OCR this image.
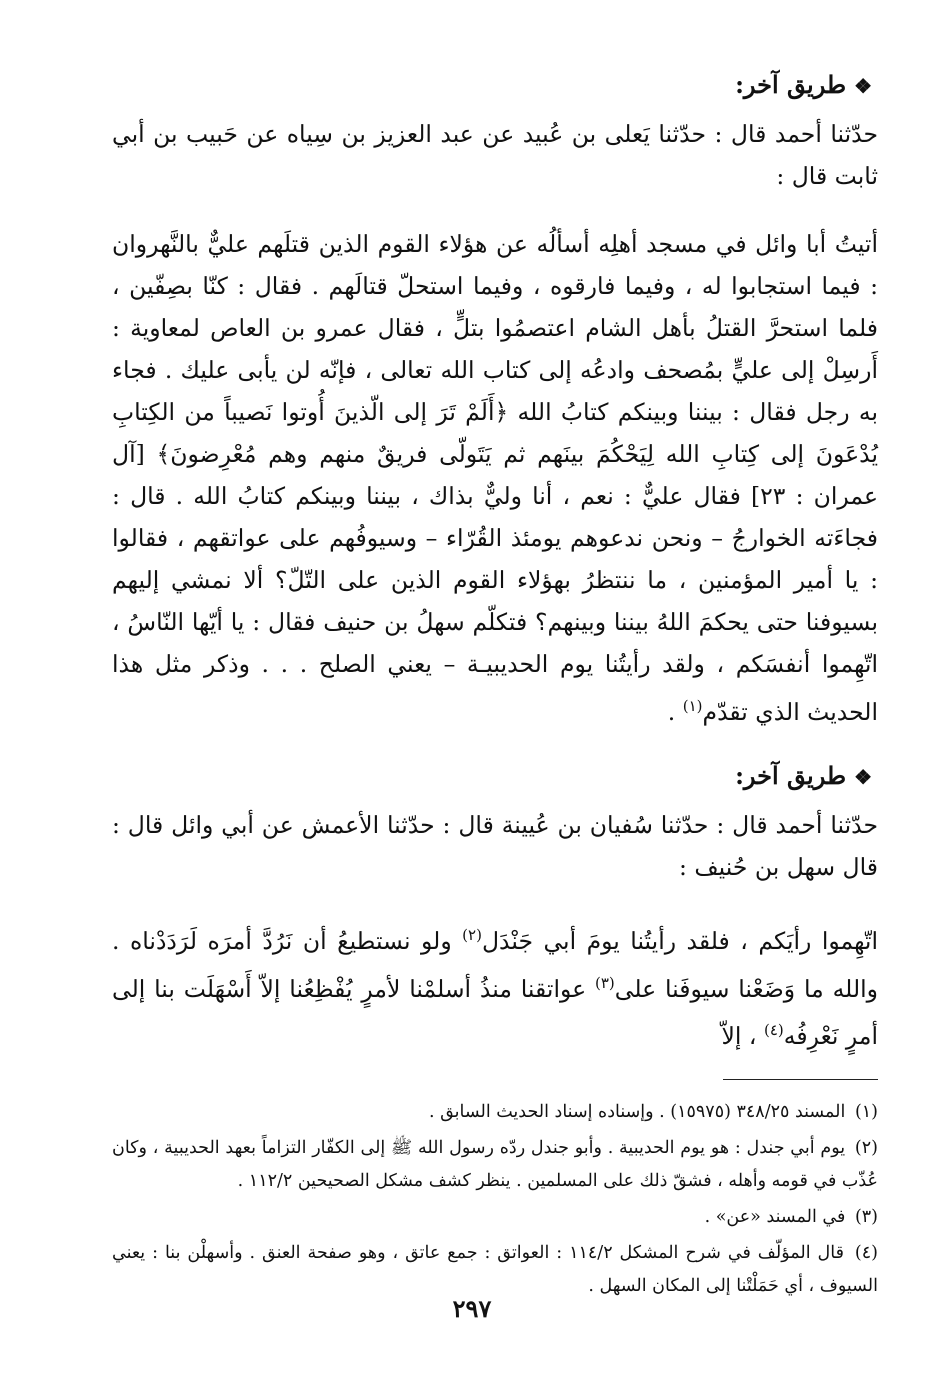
❖طريق آخر:

حدّثنا أحمد قال : حدّثنا يَعلى بن عُبيد عن عبد العزيز بن سِياه عن حَبيب بن أبي ثابت قال :

أتيتُ أبا وائل في مسجد أهلِه أسألُه عن هؤلاء القوم الذين قتلَهم عليٌّ بالنَّهروان : فيما استجابوا له ، وفيما فارقوه ، وفيما استحلّ قتالَهم . فقال : كنّا بصِفّين ، فلما استحرَّ القتلُ بأهل الشام اعتصمُوا بتلٍّ ، فقال عمرو بن العاص لمعاوية : أَرسِلْ إلى عليٍّ بمُصحف وادعُه إلى كتاب الله تعالى ، فإنّه لن يأبى عليك . فجاء به رجل فقال : بيننا وبينكم كتابُ الله ﴿أَلَمْ تَرَ إلى الّذينَ أُوتوا نَصيباً من الكِتابِ يُدْعَونَ إلى كِتابِ الله لِيَحْكُمَ بينَهم ثم يَتَولّى فريقٌ منهم وهم مُعْرِضونَ﴾ [آل عمران : ٢٣] فقال عليٌّ : نعم ، أنا وليٌّ بذاك ، بيننا وبينكم كتابُ الله . قال : فجاءَته الخوارجُ – ونحن ندعوهم يومئذ القُرّاء – وسيوفُهم على عواتقهم ، فقالوا : يا أمير المؤمنين ، ما ننتظرُ بهؤلاء القوم الذين على التّلّ؟ ألا نمشي إليهم بسيوفنا حتى يحكمَ اللهُ بيننا وبينهم؟ فتكلّم سهلُ بن حنيف فقال : يا أيّها النّاسُ ، اتّهِموا أنفسَكم ، ولقد رأيتُنا يوم الحديبيـة – يعني الصلح . . . وذكر مثل هذا الحديث الذي تقدّم$^{(١)}$ .

❖طريق آخر:

حدّثنا أحمد قال : حدّثنا سُفيان بن عُيينة قال : حدّثنا الأعمش عن أبي وائل قال : قال سهل بن حُنيف :

اتّهِموا رأيَكم ، فلقد رأيتُنا يومَ أبي جَنْدَل$^{(٢)}$ ولو نستطيعُ أن نَرُدَّ أمرَه لَرَدَدْناه . والله ما وَضَعْنا سيوفَنا على$^{(٣)}$ عواتقنا منذُ أسلمْنا لأمرٍ يُفْظِعُنا إلاّ أَسْهَلَت بنا إلى أمرٍ نَعْرِفُه$^{(٤)}$ ، إلاّ

(١) المسند ٣٤٨/٢٥ (١٥٩٧٥) . وإسناده إسناد الحديث السابق .

(٢) يوم أبي جندل : هو يوم الحديبية . وأبو جندل ردّه رسول الله ﷺ إلى الكفّار التزاماً بعهد الحديبية ، وكان عُذّب في قومه وأهله ، فشقّ ذلك على المسلمين . ينظر كشف مشكل الصحيحين ١١٢/٢ .

(٣) في المسند «عن» .

(٤) قال المؤلّف في شرح المشكل ١١٤/٢ : العواتق : جمع عاتق ، وهو صفحة العنق . وأسهلْن بنا : يعني السيوف ، أي حَمَلْتْنا إلى المكان السهل .

٢٩٧
